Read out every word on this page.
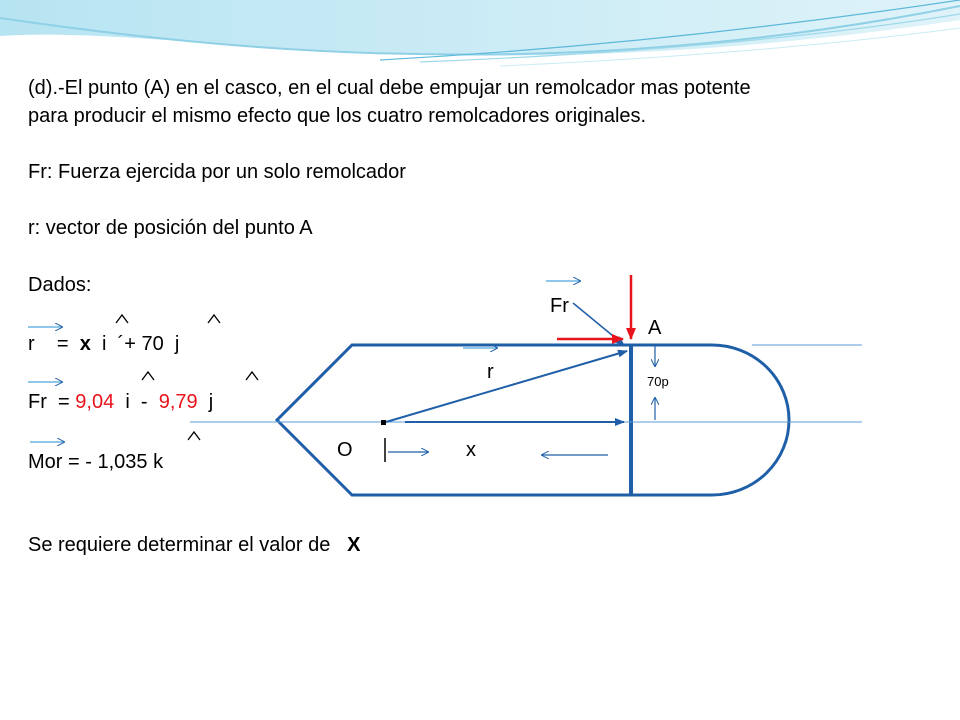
(d).-El punto (A) en el casco, en el cual debe empujar un remolcador mas potente
para producir el mismo efecto que los cuatro remolcadores originales.
Fr: Fuerza ejercida por un solo remolcador
r: vector de posición del punto A
Dados:
r = x i ´+ 70 j
Fr = 9,04 i - 9,79 j
Mor = - 1,035 k
Se requiere determinar el valor de X
Fr
A
r
O	x
70p
